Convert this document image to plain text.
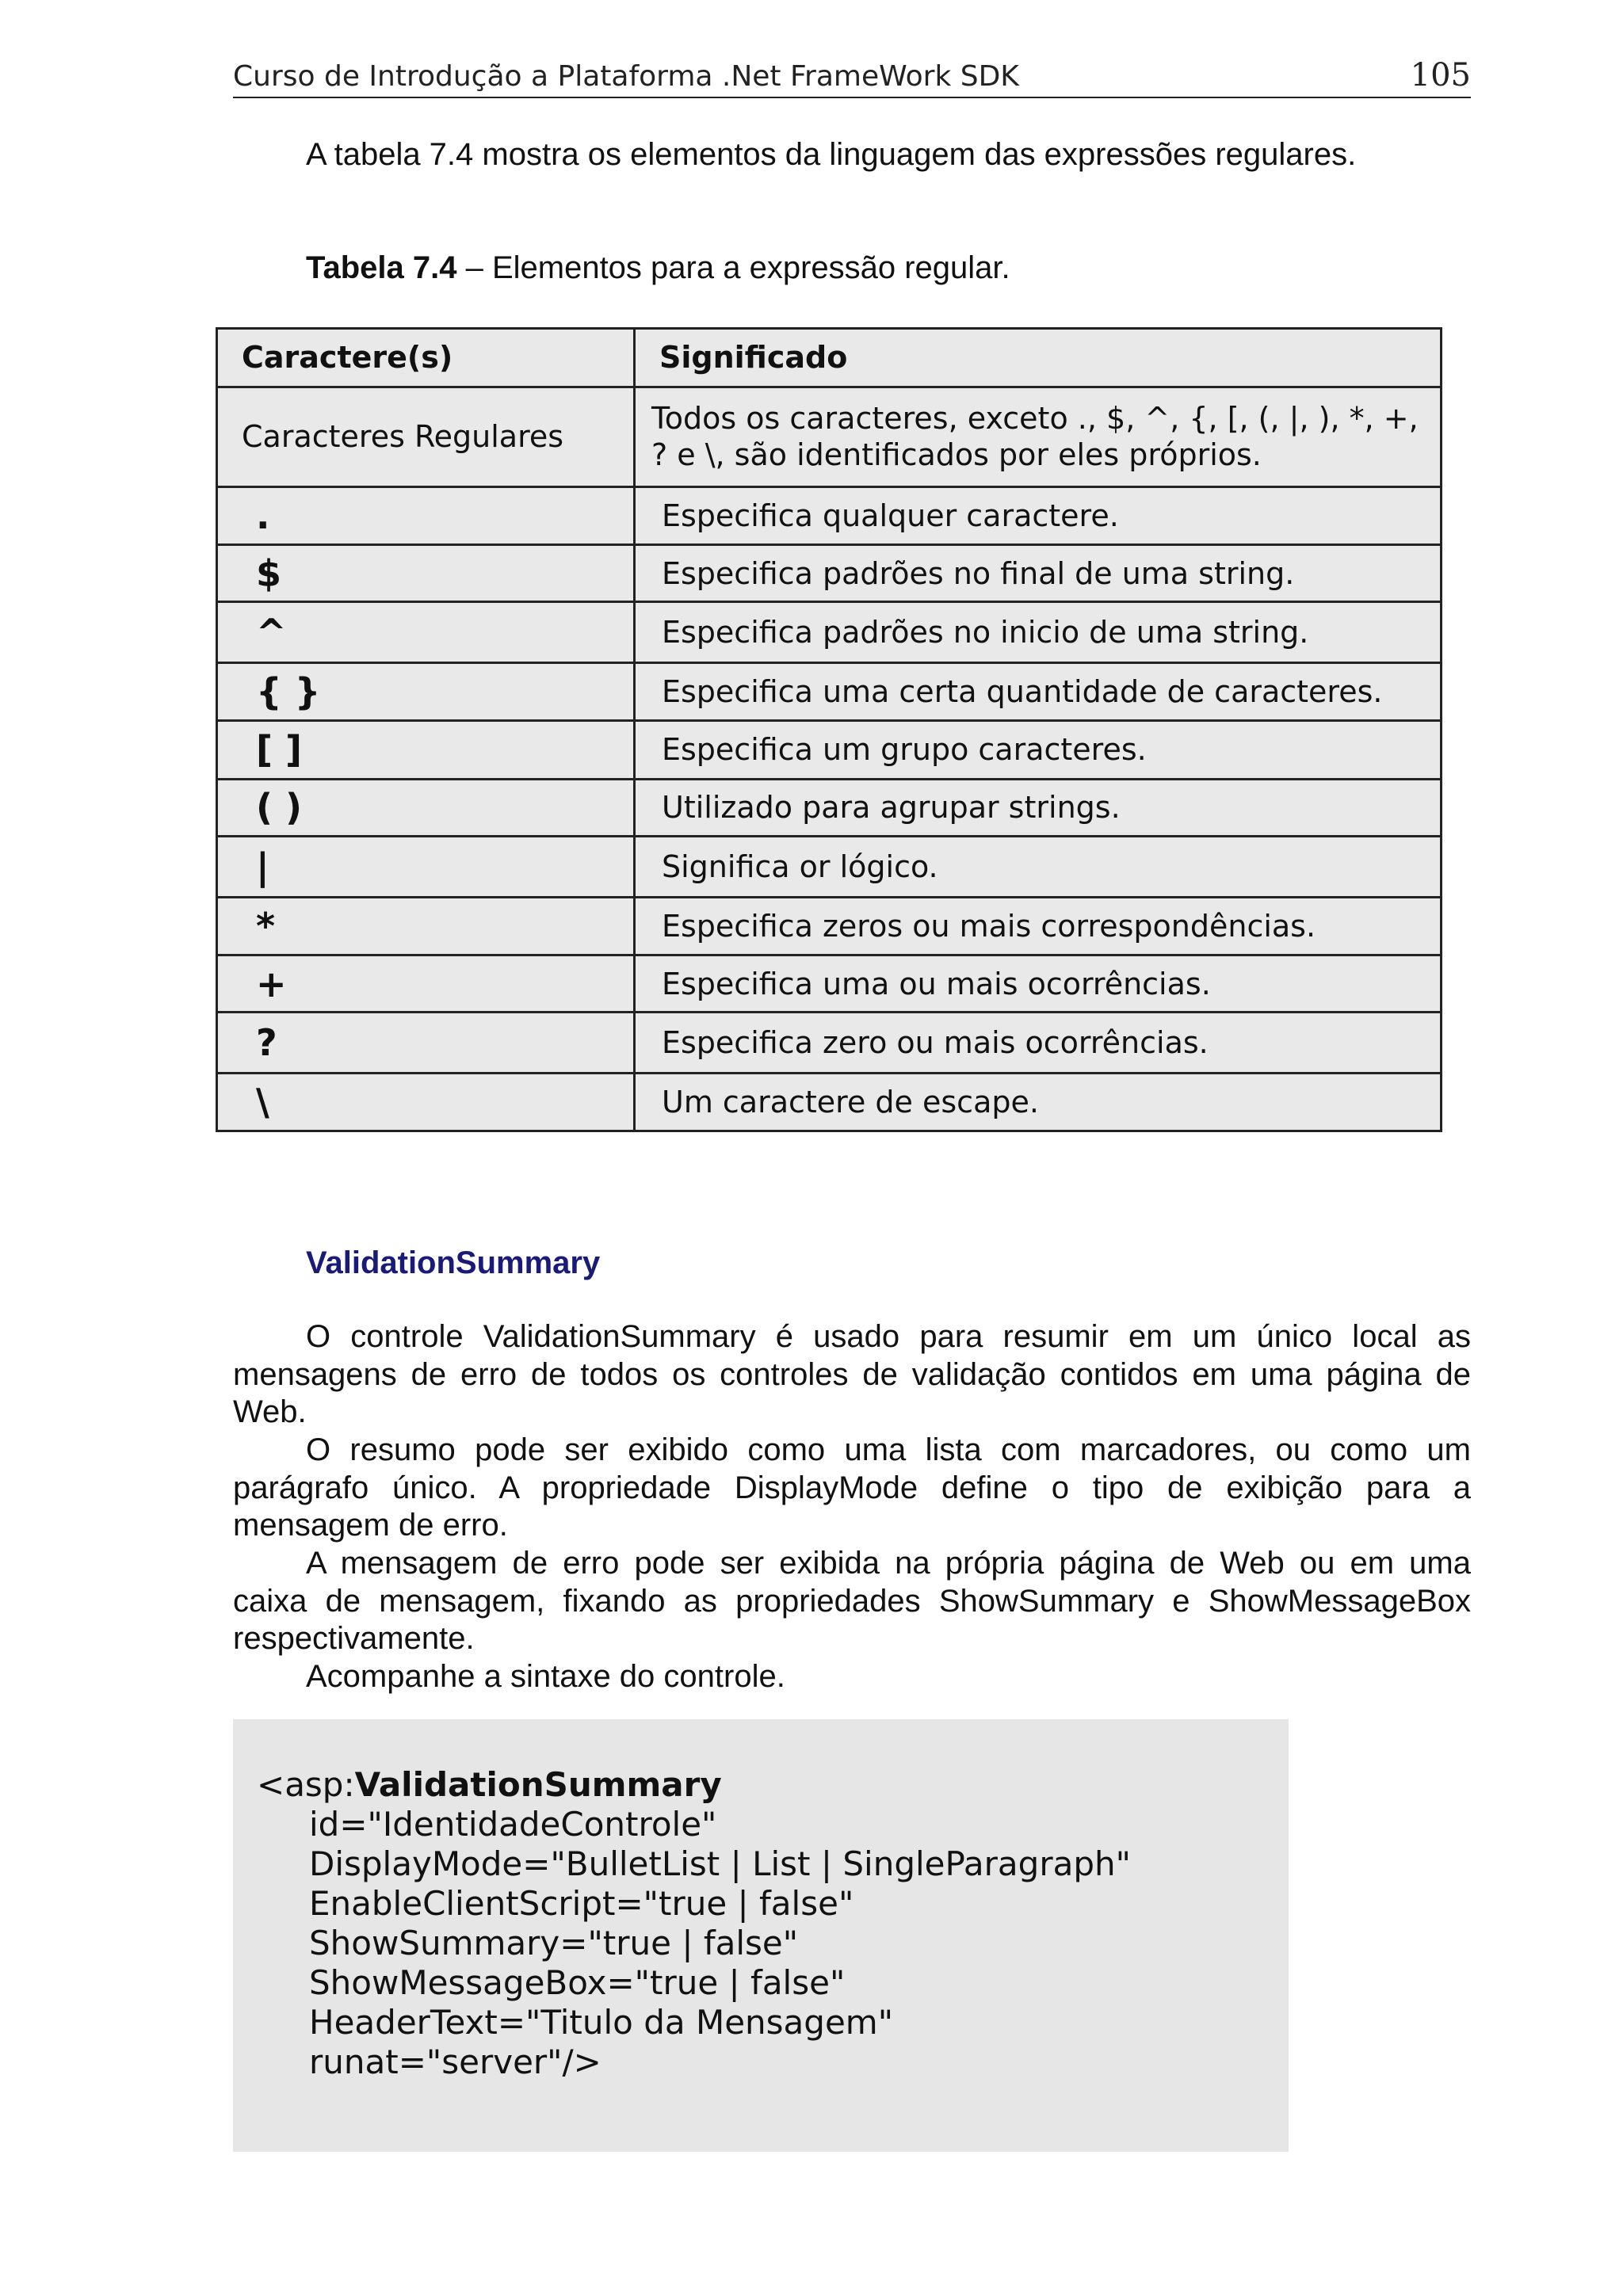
Curso de Introdução a Plataforma .Net FrameWork SDK	105
A tabela 7.4 mostra os elementos da linguagem das expressões regulares.
Tabela 7.4 – Elementos para a expressão regular.
Caractere(s)	Significado
Caracteres Regulares	Todos os caracteres, exceto ., $, ^, {, [, (, |, ), *, +, ? e \, são identificados por eles próprios.
.	Especifica qualquer caractere.
$	Especifica padrões no final de uma string.
^	Especifica padrões no inicio de uma string.
{ }	Especifica uma certa quantidade de caracteres.
[ ]	Especifica um grupo caracteres.
( )	Utilizado para agrupar strings.
|	Significa or lógico.
*	Especifica zeros ou mais correspondências.
+	Especifica uma ou mais ocorrências.
?	Especifica zero ou mais ocorrências.
\	Um caractere de escape.
ValidationSummary
O controle ValidationSummary é usado para resumir em um único local as
mensagens de erro de todos os controles de validação contidos em uma página de
Web.
O resumo pode ser exibido como uma lista com marcadores, ou como um
parágrafo único. A propriedade DisplayMode define o tipo de exibição para a
mensagem de erro.
A mensagem de erro pode ser exibida na própria página de Web ou em uma
caixa de mensagem, fixando as propriedades ShowSummary e ShowMessageBox
respectivamente.
Acompanhe a sintaxe do controle.
<asp:ValidationSummary
id="IdentidadeControle"
DisplayMode="BulletList | List | SingleParagraph"
EnableClientScript="true | false"
ShowSummary="true | false"
ShowMessageBox="true | false"
HeaderText="Titulo da Mensagem"
runat="server"/>
